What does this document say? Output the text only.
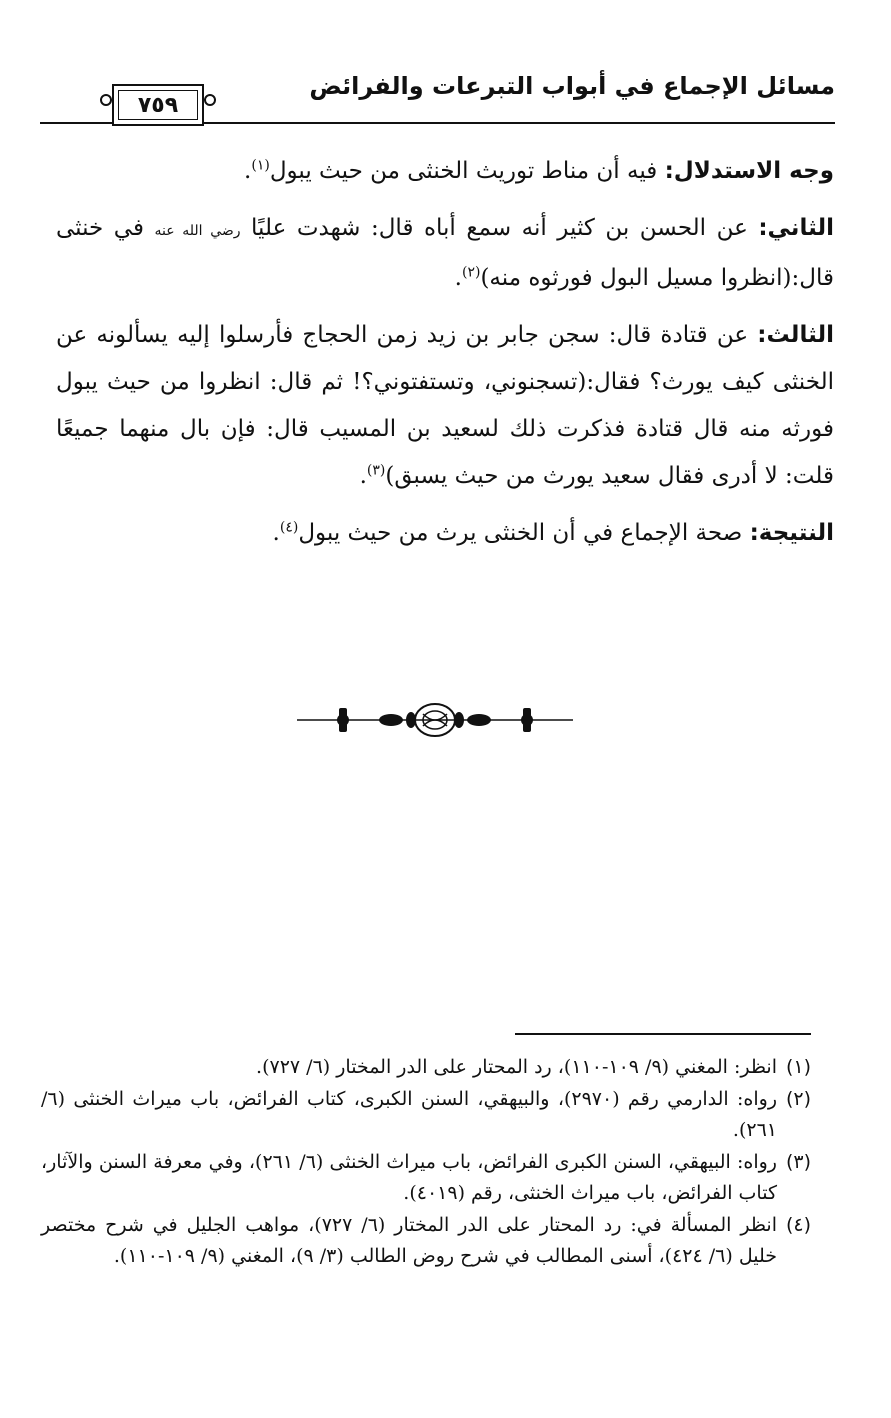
مسائل الإجماع في أبواب التبرعات والفرائض
٧٥٩

وجه الاستدلال: فيه أن مناط توريث الخنثى من حيث يبول$^{(١)}$.

الثاني: عن الحسن بن كثير أنه سمع أباه قال: شهدت عليًا رضي الله عنه في خنثى قال:(انظروا مسيل البول فورثوه منه)$^{(٢)}$.

الثالث: عن قتادة قال: سجن جابر بن زيد زمن الحجاج فأرسلوا إليه يسألونه عن الخنثى كيف يورث؟ فقال:(تسجنوني، وتستفتوني؟! ثم قال: انظروا من حيث يبول فورثه منه قال قتادة فذكرت ذلك لسعيد بن المسيب قال: فإن بال منهما جميعًا قلت: لا أدرى فقال سعيد يورث من حيث يسبق)$^{(٣)}$.

النتيجة: صحة الإجماع في أن الخنثى يرث من حيث يبول$^{(٤)}$.

(١)
انظر: المغني (٩/ ١٠٩-١١٠)، رد المحتار على الدر المختار (٦/ ٧٢٧).
(٢)
رواه: الدارمي رقم (٢٩٧٠)، والبيهقي، السنن الكبرى، كتاب الفرائض، باب ميراث الخنثى (٦/ ٢٦١).
(٣)
رواه: البيهقي، السنن الكبرى الفرائض، باب ميراث الخنثى (٦/ ٢٦١)، وفي معرفة السنن والآثار، كتاب الفرائض، باب ميراث الخنثى، رقم (٤٠١٩).
(٤)
انظر المسألة في: رد المحتار على الدر المختار (٦/ ٧٢٧)، مواهب الجليل في شرح مختصر خليل (٦/ ٤٢٤)، أسنى المطالب في شرح روض الطالب (٣/ ٩)، المغني (٩/ ١٠٩-١١٠).
